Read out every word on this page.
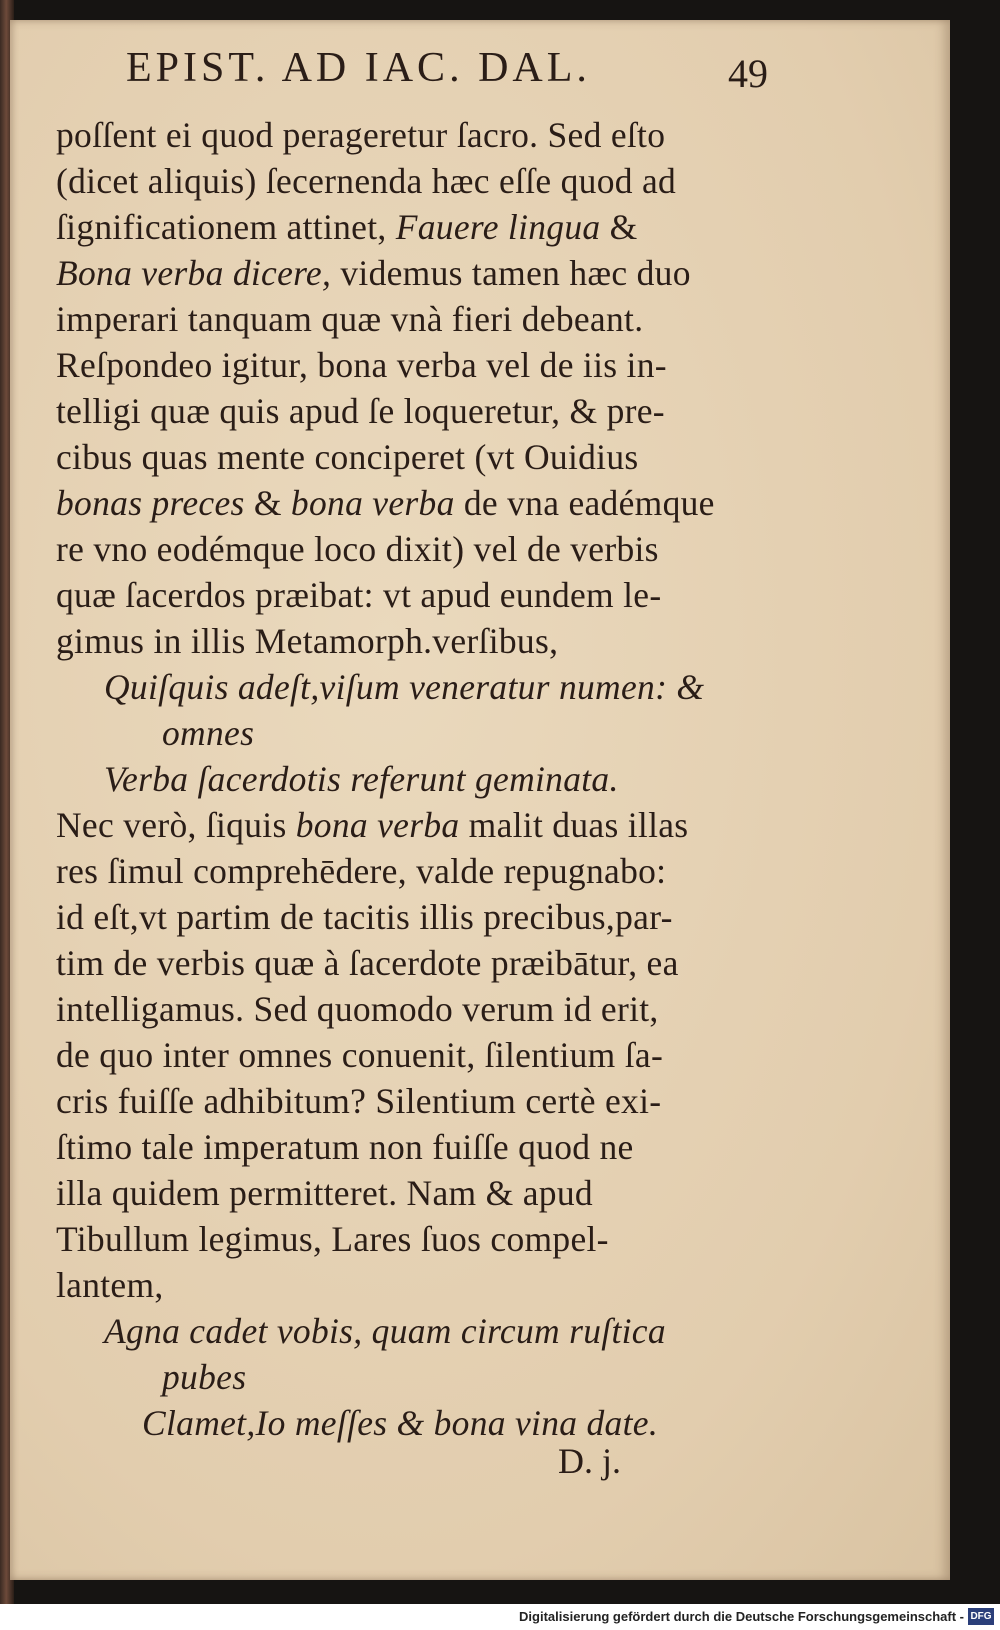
EPIST. AD IAC. DAL.	49
poſſent ei quod perageretur ſacro. Sed eſto
(dicet aliquis) ſecernenda hæc eſſe quod ad
ſignificationem attinet, Fauere lingua &
Bona verba dicere, videmus tamen hæc duo
imperari tanquam quæ vnà fieri debeant.
Reſpondeo igitur, bona verba vel de iis in-
telligi quæ quis apud ſe loqueretur, & pre-
cibus quas mente conciperet (vt Ouidius
bonas preces & bona verba de vna eadémque
re vno eodémque loco dixit) vel de verbis
quæ ſacerdos præibat: vt apud eundem le-
gimus in illis Metamorph.verſibus,
Quiſquis adeſt,viſum veneratur numen: &
omnes
Verba ſacerdotis referunt geminata.
Nec verò, ſiquis bona verba malit duas illas
res ſimul comprehēdere, valde repugnabo:
id eſt,vt partim de tacitis illis precibus,par-
tim de verbis quæ à ſacerdote præibātur, ea
intelligamus. Sed quomodo verum id erit,
de quo inter omnes conuenit, ſilentium ſa-
cris fuiſſe adhibitum? Silentium certè exi-
ſtimo tale imperatum non fuiſſe quod ne
illa quidem permitteret. Nam & apud
Tibullum legimus, Lares ſuos compel-
lantem,
Agna cadet vobis, quam circum ruſtica
pubes
Clamet,Io meſſes & bona vina date.
D. j.
Digitalisierung gefördert durch die Deutsche Forschungsgemeinschaft - DFG
